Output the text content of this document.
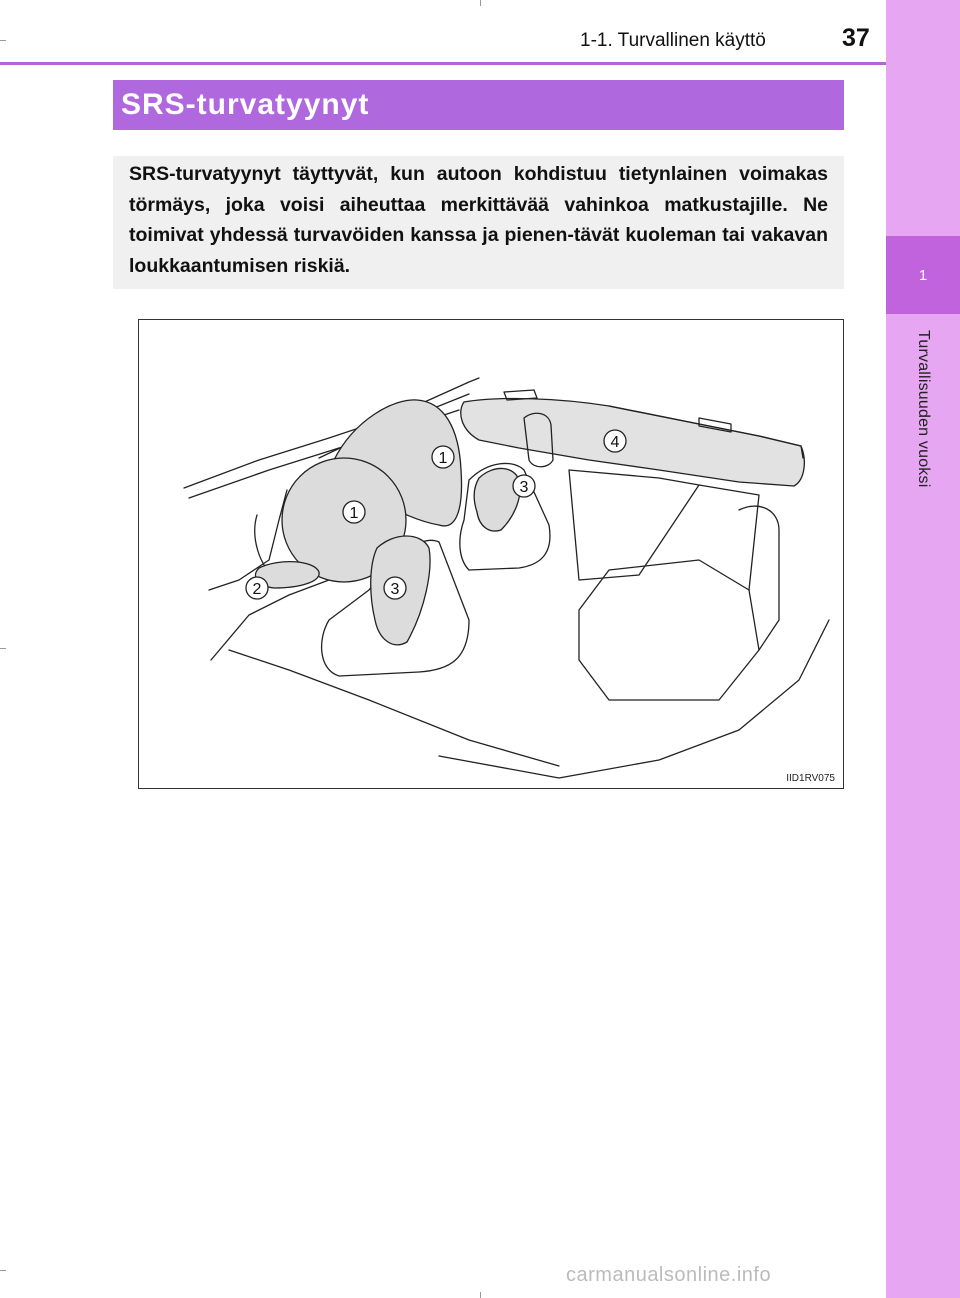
1
Turvallisuuden vuoksi
1-1. Turvallinen käyttö	37
SRS-turvatyynyt
SRS-turvatyynyt täyttyvät, kun autoon kohdistuu tietynlainen voimakas törmäys, joka voisi aiheuttaa merkittävää vahinkoa matkustajille. Ne toimivat yhdessä turvavöiden kanssa ja pienen-tävät kuoleman tai vakavan loukkaantumisen riskiä.
1
1
2	3
3
4
IID1RV075
carmanualsonline.info
